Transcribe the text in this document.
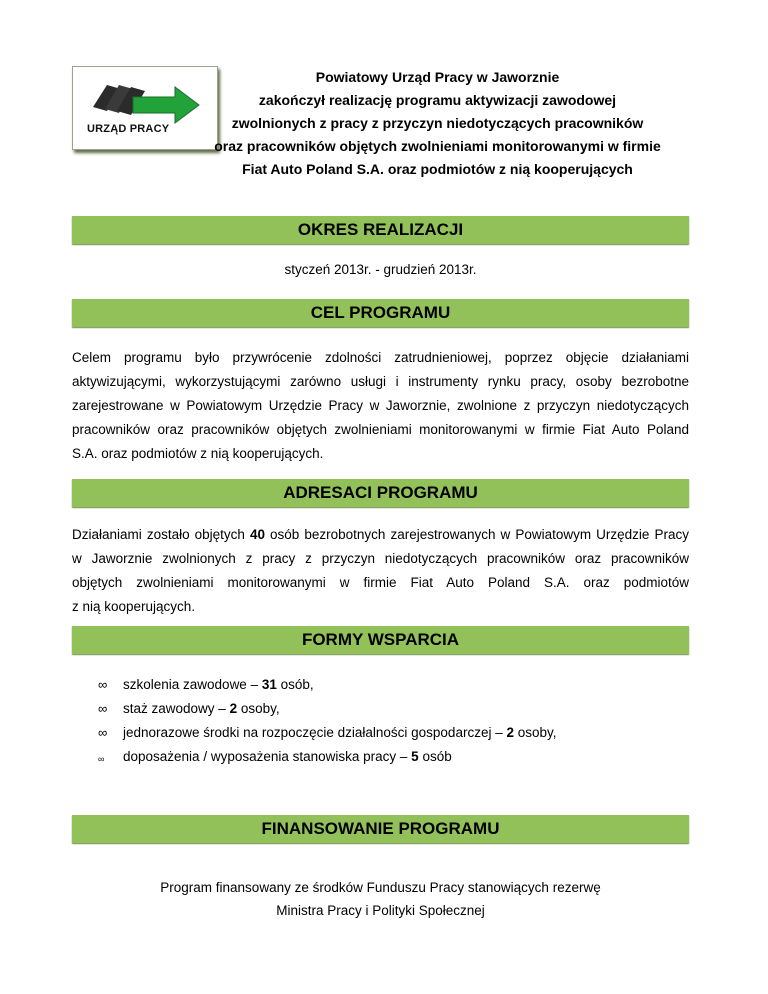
URZĄD PRACY
Powiatowy Urząd Pracy w Jaworznie
zakończył realizację programu aktywizacji zawodowej
zwolnionych z pracy z przyczyn niedotyczących pracowników
oraz pracowników objętych zwolnieniami monitorowanymi w firmie
Fiat Auto Poland S.A. oraz podmiotów z nią kooperujących
OKRES REALIZACJI
styczeń 2013r. - grudzień 2013r.
CEL PROGRAMU
Celem programu było przywrócenie zdolności zatrudnieniowej, poprzez objęcie działaniami
aktywizującymi, wykorzystującymi zarówno usługi i instrumenty rynku pracy, osoby bezrobotne
zarejestrowane w Powiatowym Urzędzie Pracy w Jaworznie, zwolnione z przyczyn niedotyczących
pracowników oraz pracowników objętych zwolnieniami monitorowanymi w firmie Fiat Auto Poland
S.A. oraz podmiotów z nią kooperujących.
ADRESACI PROGRAMU
Działaniami zostało objętych 40 osób bezrobotnych zarejestrowanych w Powiatowym Urzędzie Pracy
w Jaworznie zwolnionych z pracy z przyczyn niedotyczących pracowników oraz pracowników
objętych zwolnieniami monitorowanymi w firmie Fiat Auto Poland S.A. oraz podmiotów
z nią kooperujących.
FORMY WSPARCIA
∞ szkolenia zawodowe – 31 osób,
∞ staż zawodowy – 2 osoby,
∞ jednorazowe środki na rozpoczęcie działalności gospodarczej – 2 osoby,
∞ doposażenia / wyposażenia stanowiska pracy – 5 osób
FINANSOWANIE PROGRAMU
Program finansowany ze środków Funduszu Pracy stanowiących rezerwę
Ministra Pracy i Polityki Społecznej
